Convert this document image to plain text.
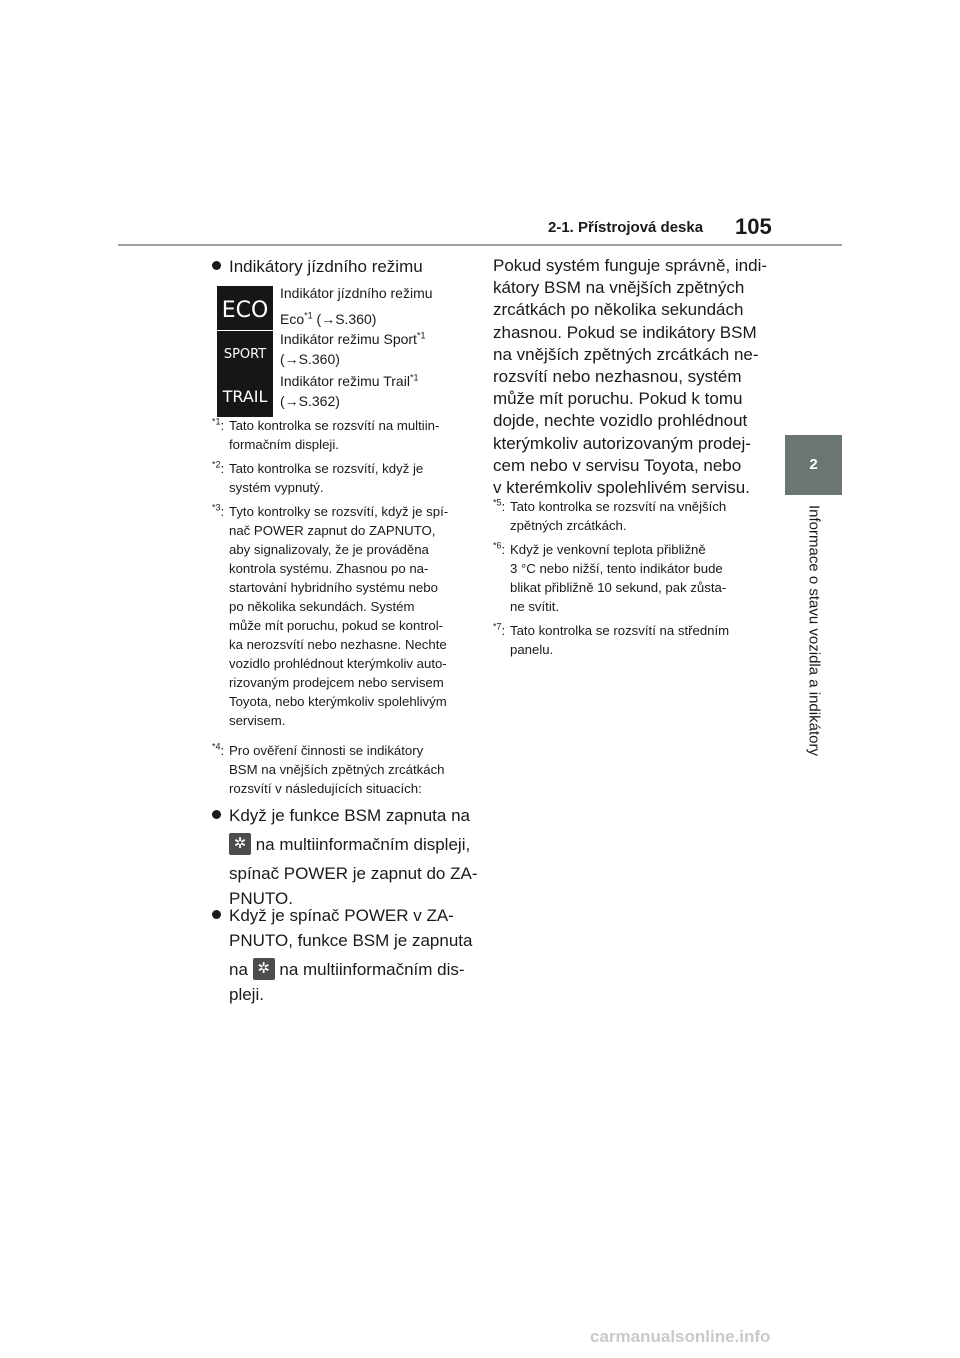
2-1. Přístrojová deska 105
2
Informace o stavu vozidla a indikátory
Indikátory jízdního režimu
ECO
Indikátor jízdního režimu
Eco$^{*1}$ (→S.360)
SPORT
Indikátor režimu Sport$^{*1}$
(→S.360)
TRAIL
Indikátor režimu Trail$^{*1}$
(→S.362)
$^{*1}$: Tato kontrolka se rozsvítí na multiin-
formačním displeji.
$^{*2}$: Tato kontrolka se rozsvítí, když je
systém vypnutý.
$^{*3}$: Tyto kontrolky se rozsvítí, když je spí-
nač POWER zapnut do ZAPNUTO,
aby signalizovaly, že je prováděna
kontrola systému. Zhasnou po na-
startování hybridního systému nebo
po několika sekundách. Systém
může mít poruchu, pokud se kontrol-
ka nerozsvítí nebo nezhasne. Nechte
vozidlo prohlédnout kterýmkoliv auto-
rizovaným prodejcem nebo servisem
Toyota, nebo kterýmkoliv spolehlivým
servisem.
$^{*4}$: Pro ověření činnosti se indikátory
BSM na vnějších zpětných zrcátkách
rozsvítí v následujících situacích:
Když je funkce BSM zapnuta na
✲ na multiinformačním displeji,
spínač POWER je zapnut do ZA-
PNUTO.
Když je spínač POWER v ZA-
PNUTO, funkce BSM je zapnuta
na ✲ na multiinformačním dis-
pleji.
Pokud systém funguje správně, indi-
kátory BSM na vnějších zpětných
zrcátkách po několika sekundách
zhasnou. Pokud se indikátory BSM
na vnějších zpětných zrcátkách ne-
rozsvítí nebo nezhasnou, systém
může mít poruchu. Pokud k tomu
dojde, nechte vozidlo prohlédnout
kterýmkoliv autorizovaným prodej-
cem nebo v servisu Toyota, nebo
v kterémkoliv spolehlivém servisu.
$^{*5}$: Tato kontrolka se rozsvítí na vnějších
zpětných zrcátkách.
$^{*6}$: Když je venkovní teplota přibližně
3 °C nebo nižší, tento indikátor bude
blikat přibližně 10 sekund, pak zůsta-
ne svítit.
$^{*7}$: Tato kontrolka se rozsvítí na středním
panelu.
carmanualsonline.info
